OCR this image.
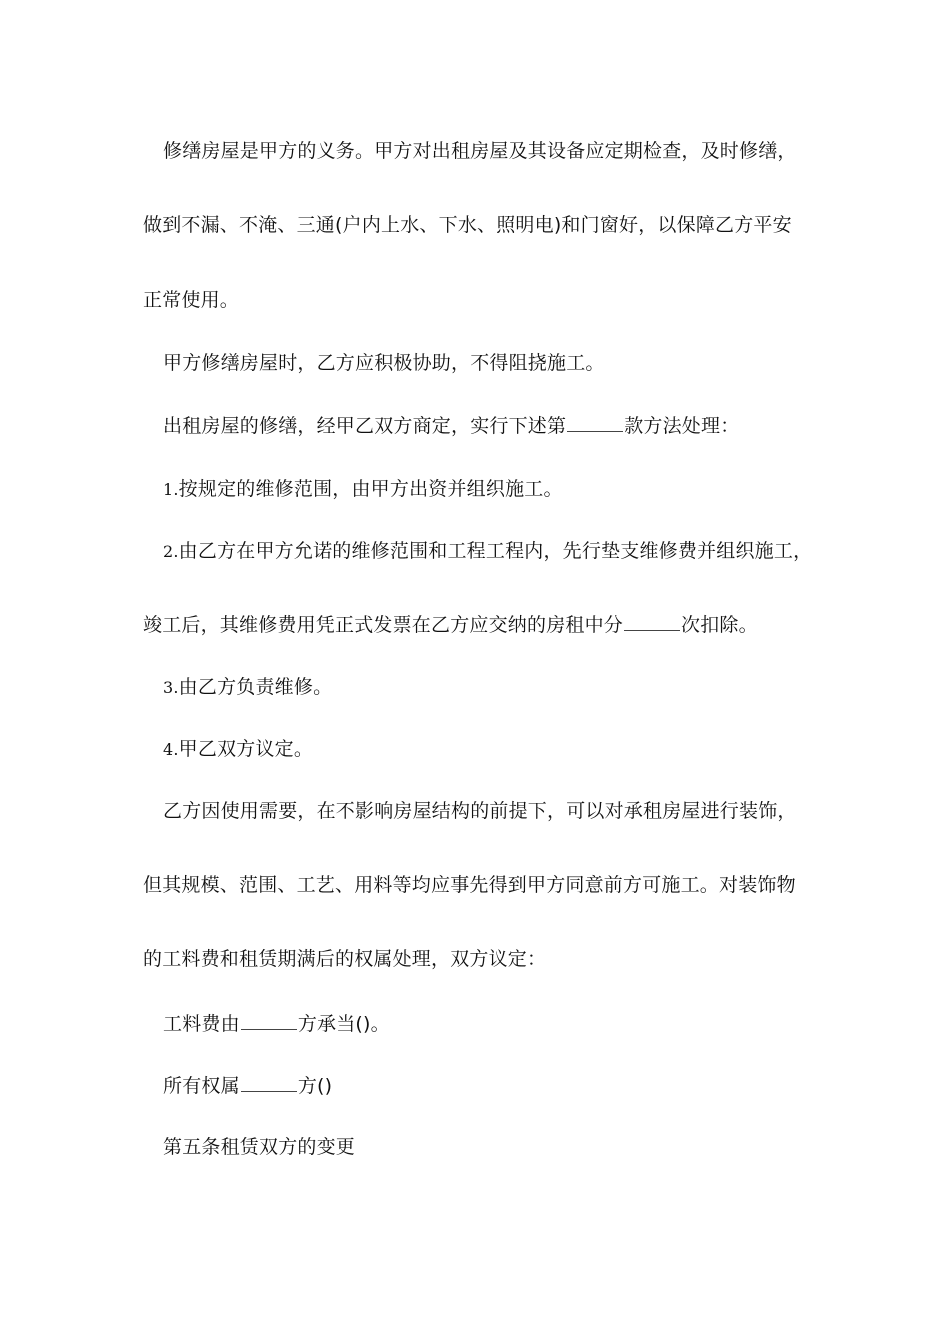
修缮房屋是甲方的义务。甲方对出租房屋及其设备应定期检查，及时修缮，
做到不漏、不淹、三通(户内上水、下水、照明电)和门窗好，以保障乙方平安
正常使用。
甲方修缮房屋时，乙方应积极协助，不得阻挠施工。
出租房屋的修缮，经甲乙双方商定，实行下述第	款方法处理：
1.按规定的维修范围，由甲方出资并组织施工。
2.由乙方在甲方允诺的维修范围和工程工程内，先行垫支维修费并组织施工，
竣工后，其维修费用凭正式发票在乙方应交纳的房租中分	次扣除。
3.由乙方负责维修。
4.甲乙双方议定。
乙方因使用需要，在不影响房屋结构的前提下，可以对承租房屋进行装饰，
但其规模、范围、工艺、用料等均应事先得到甲方同意前方可施工。对装饰物
的工料费和租赁期满后的权属处理，双方议定：
工料费由	方承当()。
所有权属	方()
第五条租赁双方的变更
